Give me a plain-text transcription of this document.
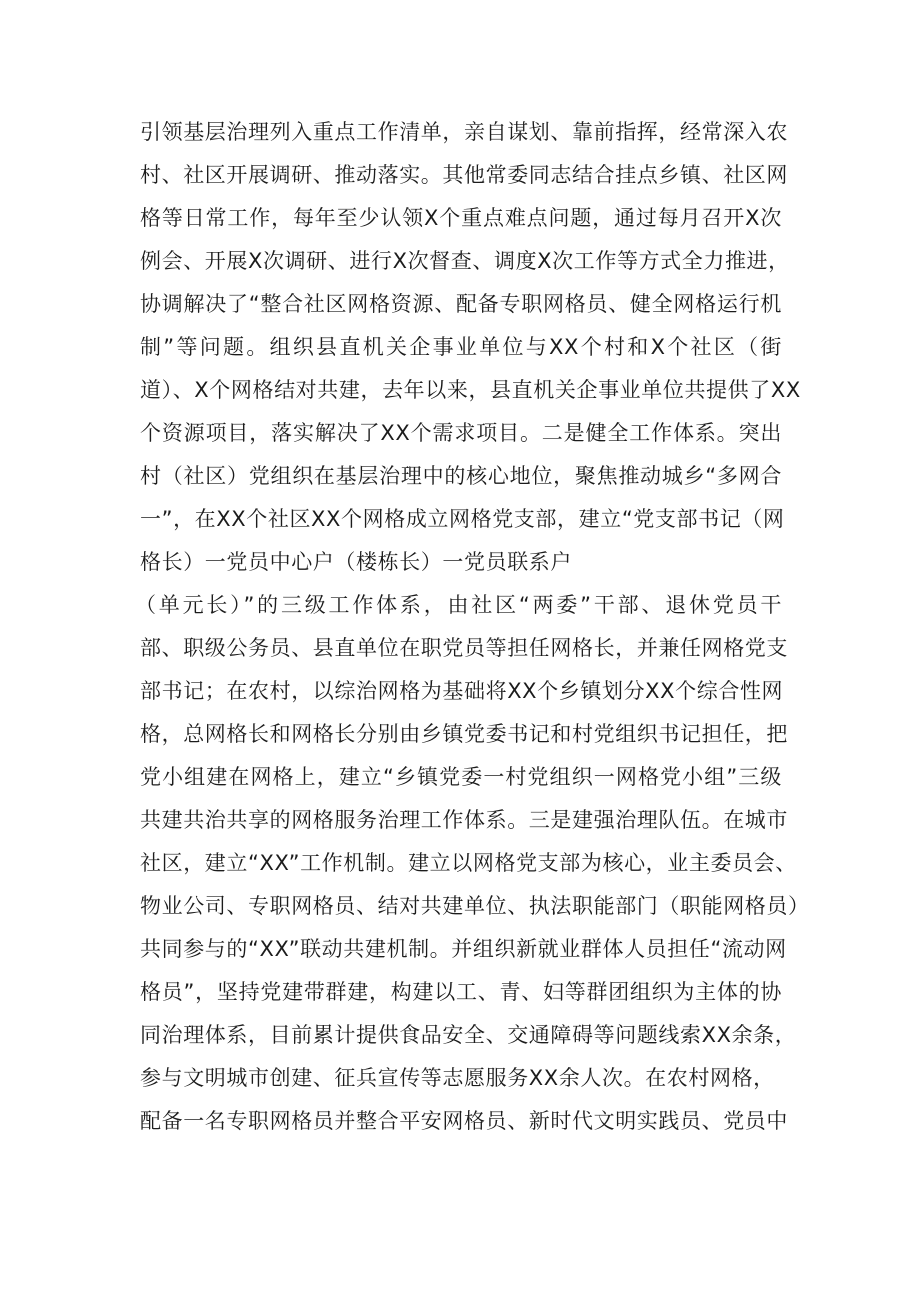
引领基层治理列入重点工作清单，亲自谋划、靠前指挥，经常深入农
村、社区开展调研、推动落实。其他常委同志结合挂点乡镇、社区网
格等日常工作，每年至少认领X个重点难点问题，通过每月召开X次
例会、开展X次调研、进行X次督查、调度X次工作等方式全力推进，
协调解决了“整合社区网格资源、配备专职网格员、健全网格运行机
制”等问题。组织县直机关企事业单位与XX个村和X个社区（街
道）、X个网格结对共建，去年以来，县直机关企事业单位共提供了XX
个资源项目，落实解决了XX个需求项目。二是健全工作体系。突出
村（社区）党组织在基层治理中的核心地位，聚焦推动城乡“多网合
一”，在XX个社区XX个网格成立网格党支部，建立“党支部书记（网
格长）一党员中心户（楼栋长）一党员联系户
（单元长）”的三级工作体系，由社区“两委”干部、退休党员干
部、职级公务员、县直单位在职党员等担任网格长，并兼任网格党支
部书记；在农村，以综治网格为基础将XX个乡镇划分XX个综合性网
格，总网格长和网格长分别由乡镇党委书记和村党组织书记担任，把
党小组建在网格上，建立“乡镇党委一村党组织一网格党小组”三级
共建共治共享的网格服务治理工作体系。三是建强治理队伍。在城市
社区，建立“XX”工作机制。建立以网格党支部为核心，业主委员会、
物业公司、专职网格员、结对共建单位、执法职能部门（职能网格员）
共同参与的“XX”联动共建机制。并组织新就业群体人员担任“流动网
格员”，坚持党建带群建，构建以工、青、妇等群团组织为主体的协
同治理体系，目前累计提供食品安全、交通障碍等问题线索XX余条，
参与文明城市创建、征兵宣传等志愿服务XX余人次。在农村网格，
配备一名专职网格员并整合平安网格员、新时代文明实践员、党员中
